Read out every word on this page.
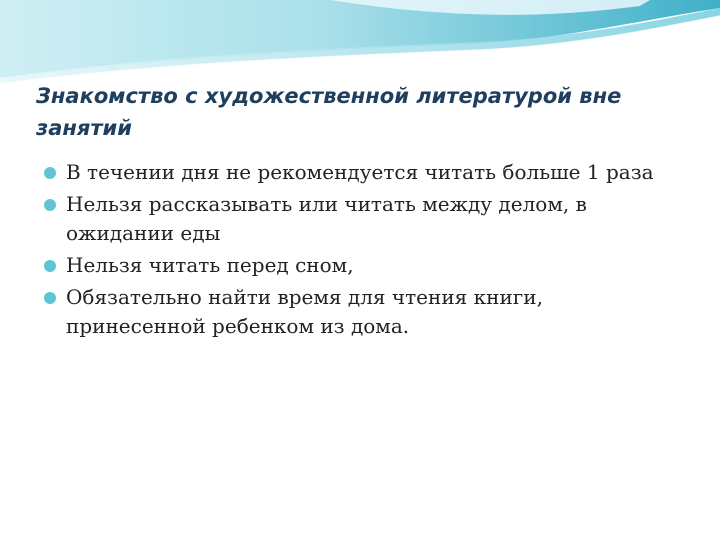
Знакомство с художественной литературой вне занятий
В течении дня не рекомендуется читать больше 1 раза
Нельзя рассказывать или читать между делом, в ожидании еды
Нельзя читать перед сном,
Обязательно найти время для чтения книги, принесенной ребенком из дома.
